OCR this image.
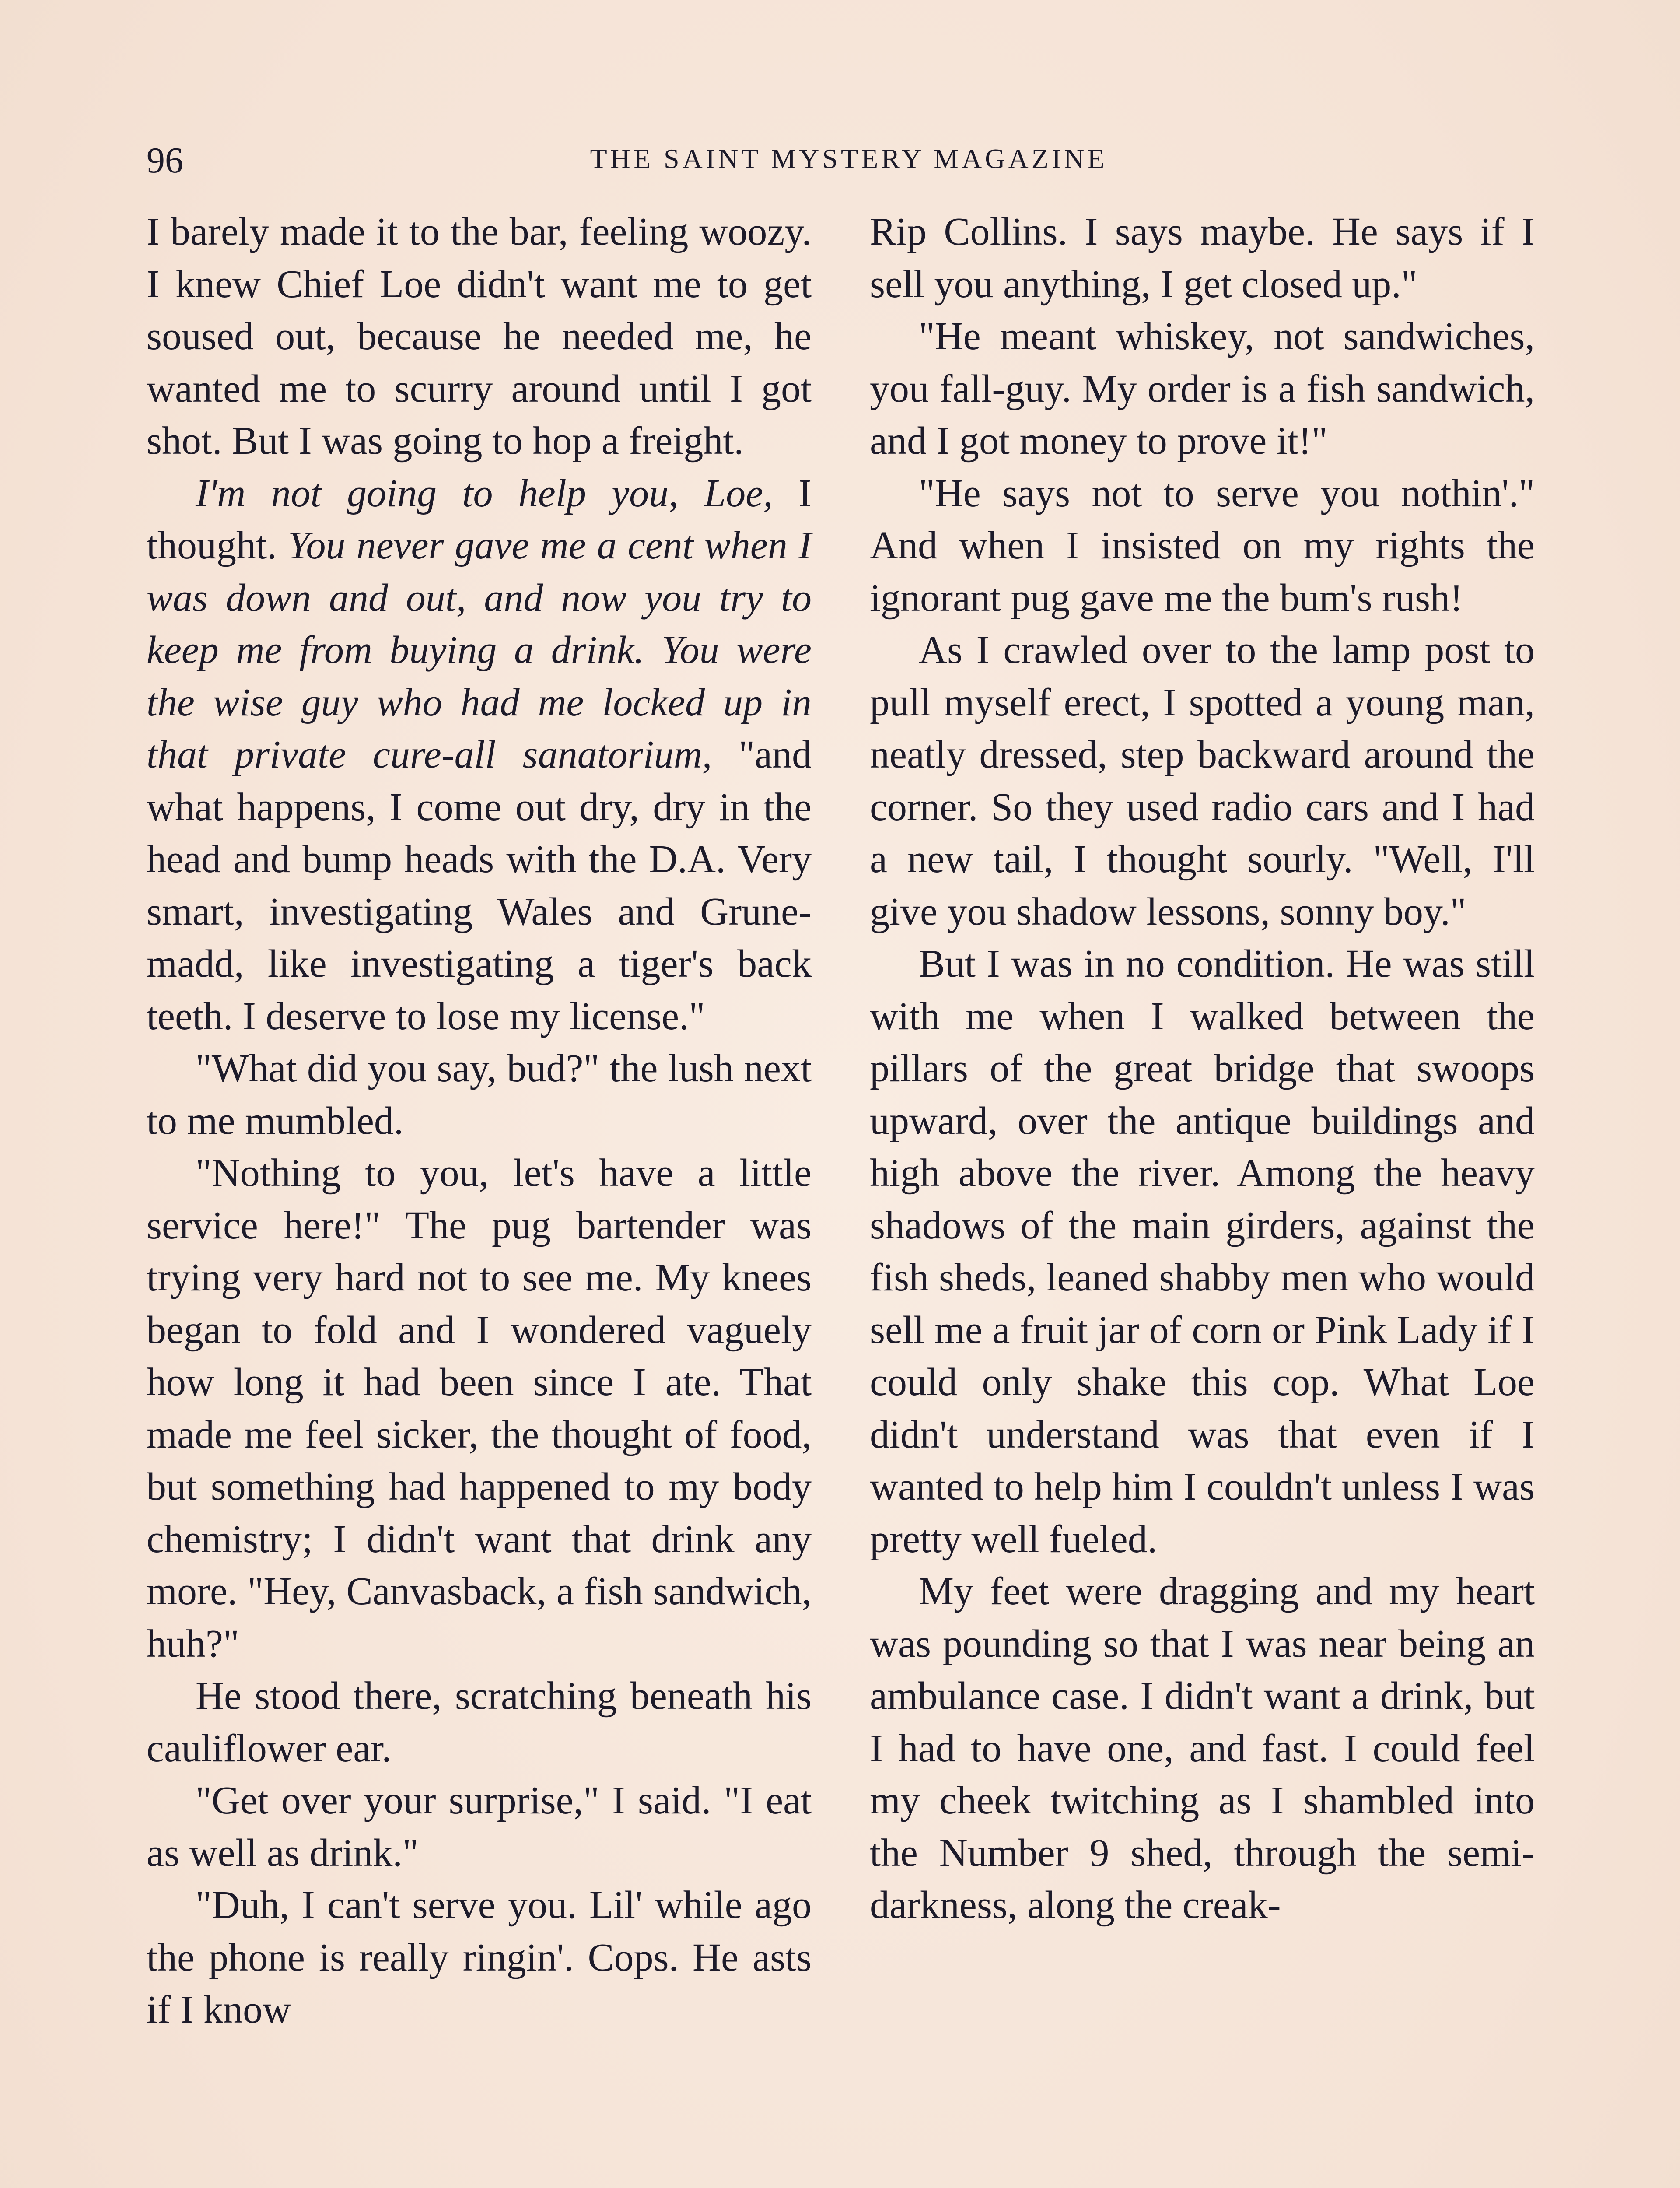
96	THE SAINT MYSTERY MAGAZINE

I barely made it to the bar, feeling woozy. I knew Chief Loe didn't want me to get soused out, because he needed me, he wanted me to scurry around until I got shot. But I was going to hop a freight.

I'm not going to help you, Loe, I thought. You never gave me a cent when I was down and out, and now you try to keep me from buying a drink. You were the wise guy who had me locked up in that private cure-all sanatorium, "and what happens, I come out dry, dry in the head and bump heads with the D.A. Very smart, investigating Wales and Grunemadd, like investigating a tiger's back teeth. I deserve to lose my license."

"What did you say, bud?" the lush next to me mumbled.

"Nothing to you, let's have a little service here!" The pug bartender was trying very hard not to see me. My knees began to fold and I wondered vaguely how long it had been since I ate. That made me feel sicker, the thought of food, but something had happened to my body chemistry; I didn't want that drink any more. "Hey, Canvasback, a fish sandwich, huh?"

He stood there, scratching beneath his cauliflower ear.

"Get over your surprise," I said. "I eat as well as drink."

"Duh, I can't serve you. Lil' while ago the phone is really ringin'. Cops. He asts if I know

Rip Collins. I says maybe. He says if I sell you anything, I get closed up."

"He meant whiskey, not sandwiches, you fall-guy. My order is a fish sandwich, and I got money to prove it!"

"He says not to serve you nothin'." And when I insisted on my rights the ignorant pug gave me the bum's rush!

As I crawled over to the lamp post to pull myself erect, I spotted a young man, neatly dressed, step backward around the corner. So they used radio cars and I had a new tail, I thought sourly. "Well, I'll give you shadow lessons, sonny boy."

But I was in no condition. He was still with me when I walked between the pillars of the great bridge that swoops upward, over the antique buildings and high above the river. Among the heavy shadows of the main girders, against the fish sheds, leaned shabby men who would sell me a fruit jar of corn or Pink Lady if I could only shake this cop. What Loe didn't understand was that even if I wanted to help him I couldn't unless I was pretty well fueled.

My feet were dragging and my heart was pounding so that I was near being an ambulance case. I didn't want a drink, but I had to have one, and fast. I could feel my cheek twitching as I shambled into the Number 9 shed, through the semi-darkness, along the creak-
